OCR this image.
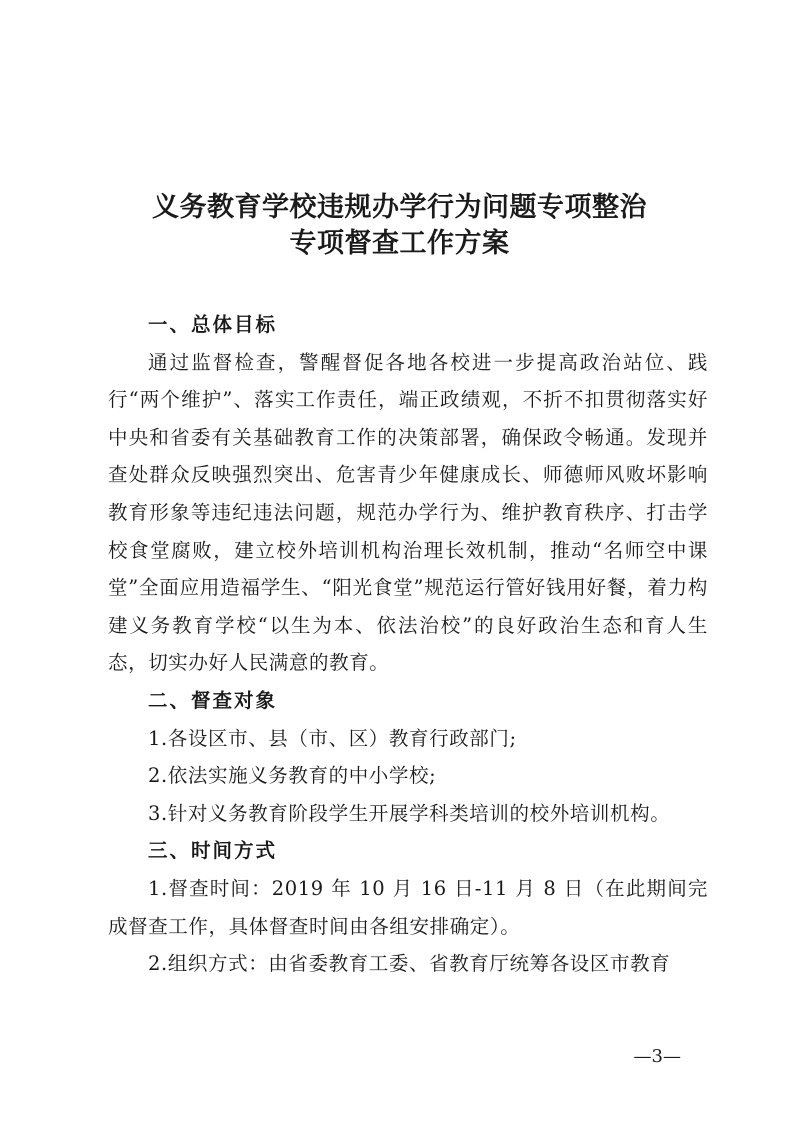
义务教育学校违规办学行为问题专项整治
专项督查工作方案
一、总体目标
通过监督检查，警醒督促各地各校进一步提高政治站位、践行“两个维护”、落实工作责任，端正政绩观，不折不扣贯彻落实好中央和省委有关基础教育工作的决策部署，确保政令畅通。发现并查处群众反映强烈突出、危害青少年健康成长、师德师风败坏影响教育形象等违纪违法问题，规范办学行为、维护教育秩序、打击学校食堂腐败，建立校外培训机构治理长效机制，推动“名师空中课堂”全面应用造福学生、“阳光食堂”规范运行管好钱用好餐，着力构建义务教育学校“以生为本、依法治校”的良好政治生态和育人生态，切实办好人民满意的教育。
二、督查对象
1.各设区市、县（市、区）教育行政部门;
2.依法实施义务教育的中小学校;
3.针对义务教育阶段学生开展学科类培训的校外培训机构。
三、时间方式
1.督查时间：2019 年 10 月 16 日-11 月 8 日（在此期间完成督查工作，具体督查时间由各组安排确定）。
2.组织方式：由省委教育工委、省教育厅统筹各设区市教育
—3—
